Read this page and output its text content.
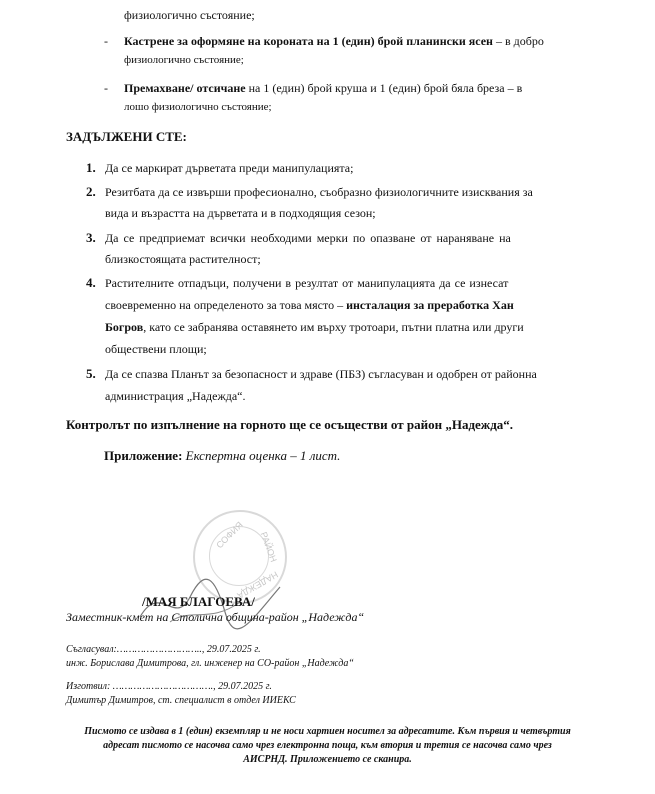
физиологично състояние;
- Кастрене за оформяне на короната на 1 (един) брой планински ясен – в добро
физиологично състояние;
- Премахване/ отсичане на 1 (един) брой круша и 1 (един) брой бяла бреза – в
лошо физиологично състояние;
ЗАДЪЛЖЕНИ СТЕ:
1. Да се маркират дърветата преди манипулацията;
2. Резитбата да се извърши професионално, съобразно физиологичните изисквания за
вида и възрастта на дърветата и в подходящия сезон;
3. Да се предприемат всички необходими мерки по опазване от нараняване на
близкостоящата растителност;
4. Растителните отпадъци, получени в резултат от манипулацията да се изнесат
своевременно на определеното за това място – инсталация за преработка Хан
Богров, като се забранява оставянето им върху тротоари, пътни платна или други
обществени площи;
5. Да се спазва Планът за безопасност и здраве (ПБЗ) съгласуван и одобрен от районна
администрация „Надежда“.
Контролът по изпълнение на горното ще се осъществи от район „Надежда“.
Приложение: Експертна оценка – 1 лист.
СОФИЯ РАЙОН
НАДЕЖДА
/МАЯ БЛАГОЕВА/
Заместник-кмет на Столична община-район „Надежда“
Съгласувал:……………………….., 29.07.2025 г.
инж. Борислава Димитрова, гл. инженер на СО-район „Надежда“
Изготвил: ……………………………., 29.07.2025 г.
Димитър Димитров, ст. специалист в отдел ИИЕКС
Писмото се издава в 1 (един) екземпляр и не носи хартиен носител за адресатите. Към първия и четвъртия
адресат писмото се насочва само чрез електронна поща, към втория и третия се насочва само чрез
АИСРНД. Приложението се сканира.
